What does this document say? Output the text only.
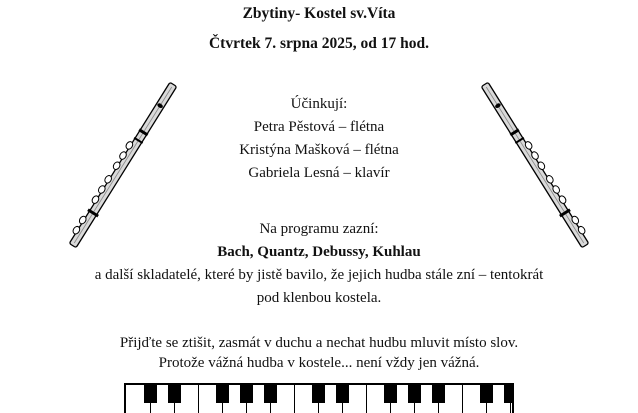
Zbytiny- Kostel sv.Víta
Čtvrtek 7. srpna 2025, od 17 hod.
Účinkují:
Petra Pěstová – flétna
Kristýna Mašková – flétna
Gabriela Lesná – klavír
Na programu zazní:
Bach, Quantz, Debussy, Kuhlau
a další skladatelé, které by jistě bavilo, že jejich hudba stále zní – tentokrát
pod klenbou kostela.
Přijďte se ztišit, zasmát v duchu a nechat hudbu mluvit místo slov.
Protože vážná hudba v kostele... není vždy jen vážná.
